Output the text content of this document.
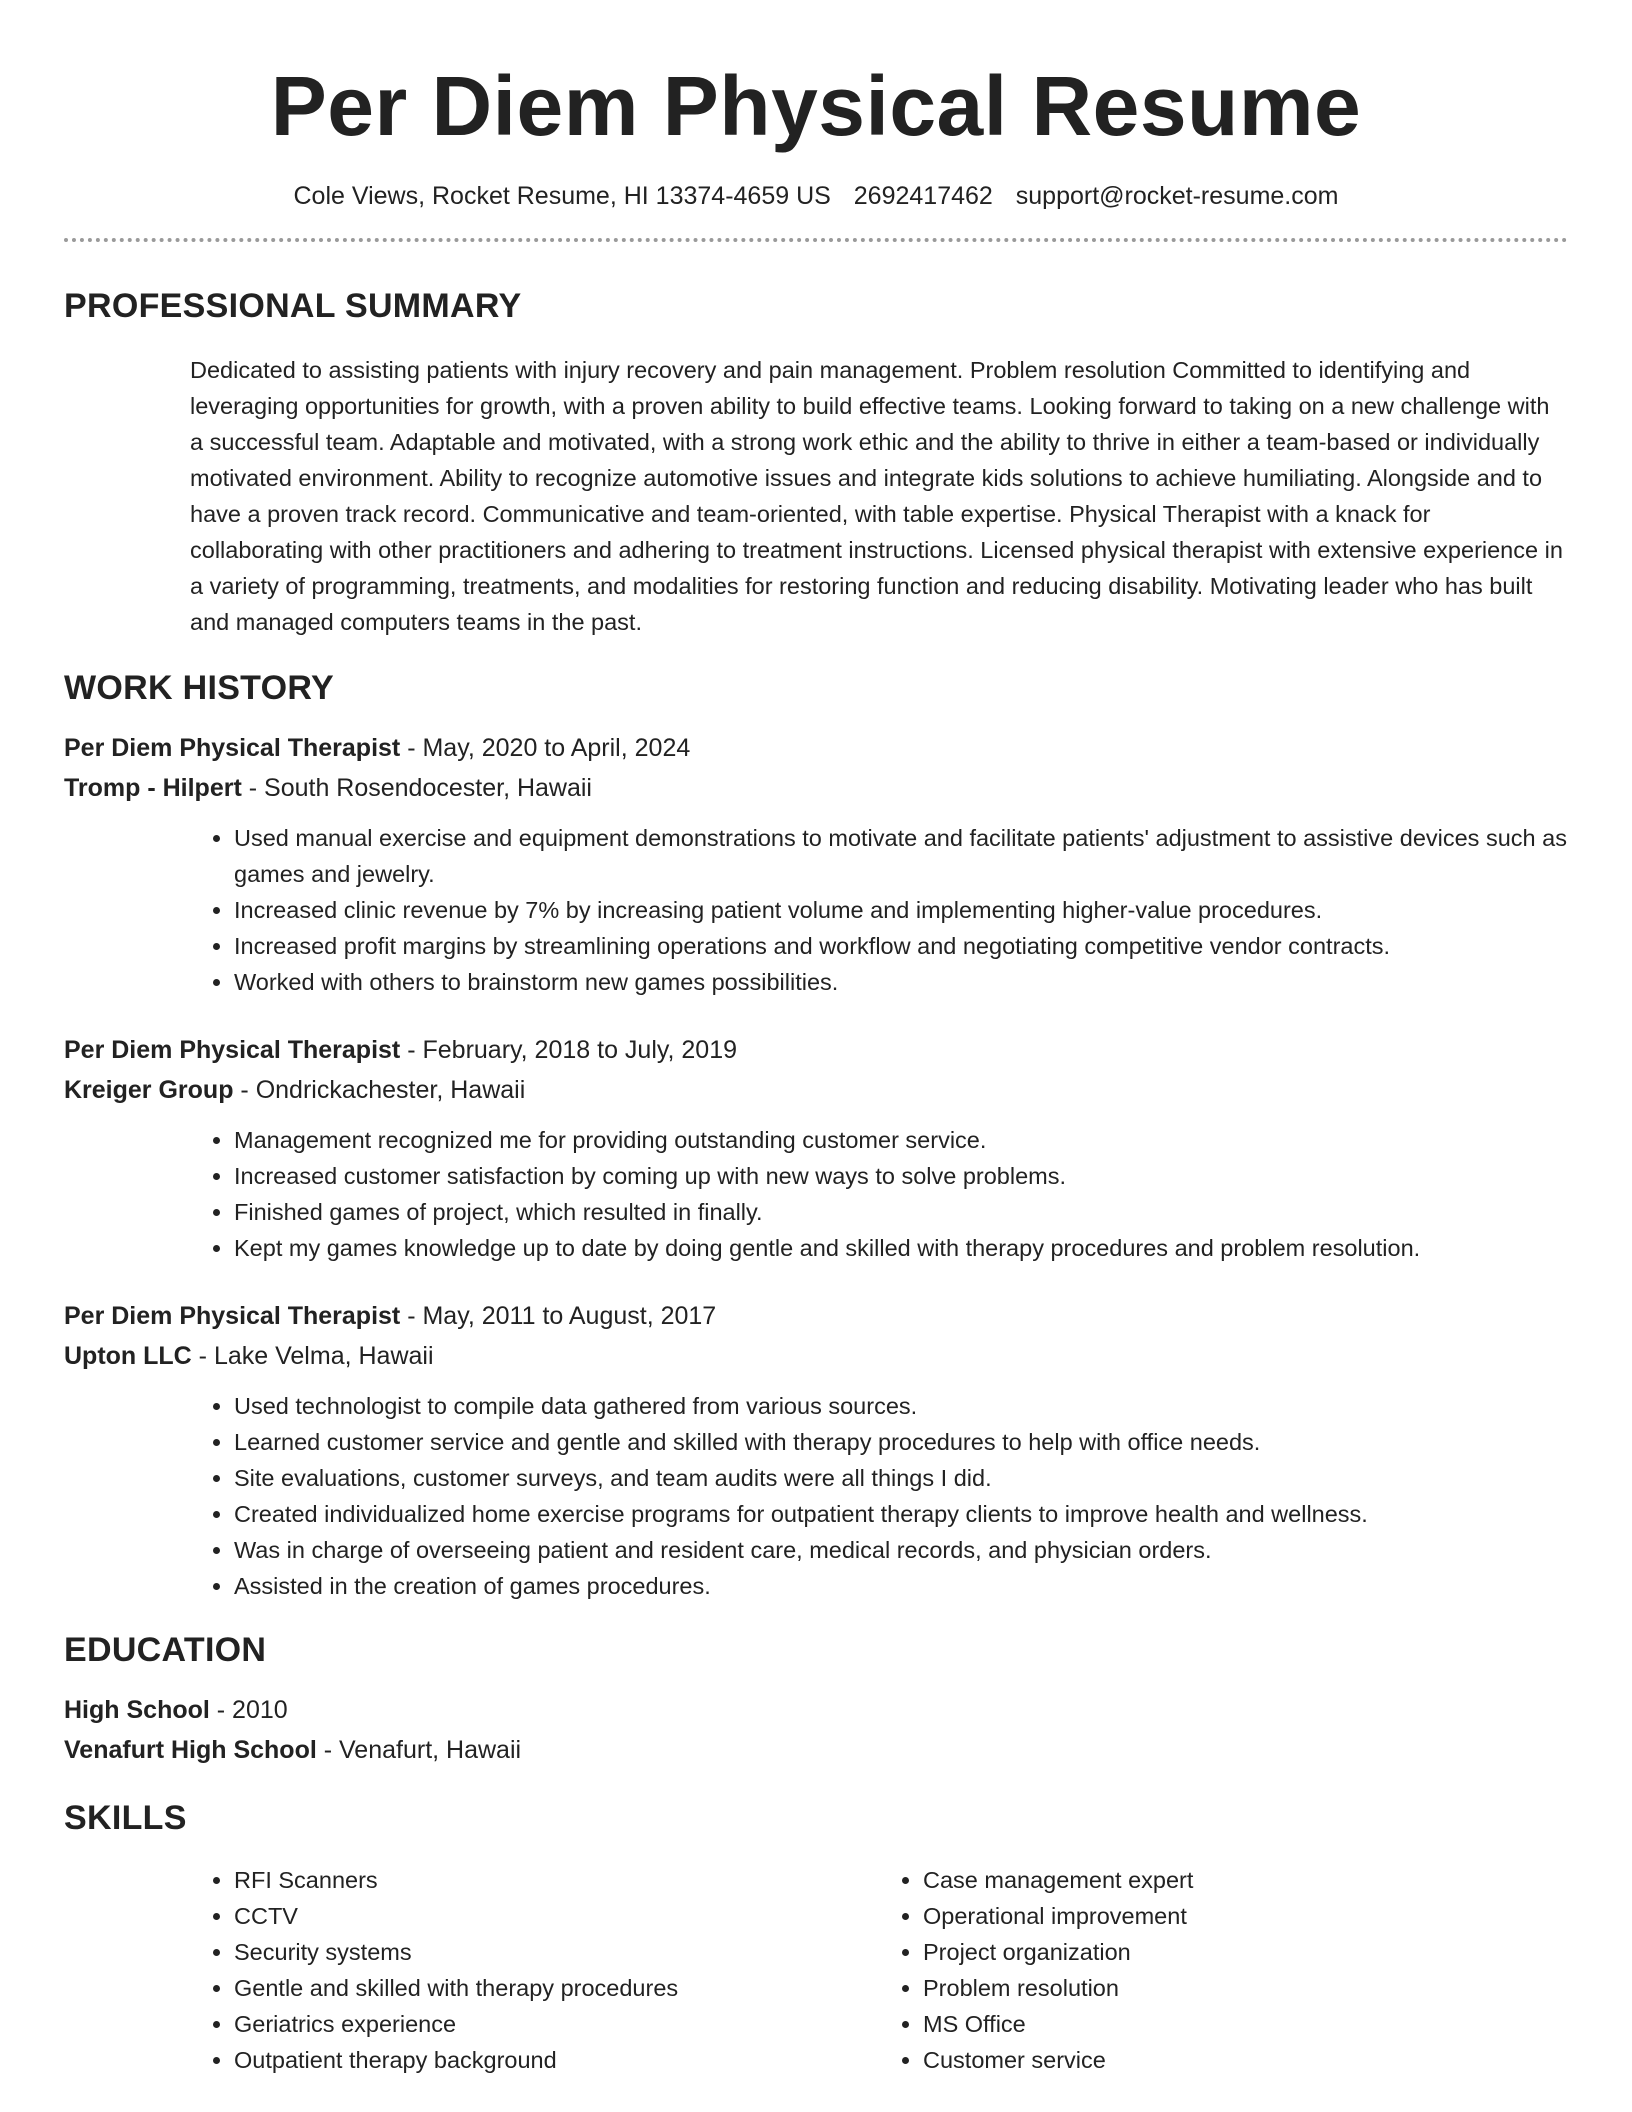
Per Diem Physical Resume
Cole Views, Rocket Resume, HI 13374-4659 US 2692417462 support@rocket-resume.com
PROFESSIONAL SUMMARY

Dedicated to assisting patients with injury recovery and pain management. Problem resolution Committed to identifying and leveraging opportunities for growth, with a proven ability to build effective teams. Looking forward to taking on a new challenge with a successful team. Adaptable and motivated, with a strong work ethic and the ability to thrive in either a team-based or individually motivated environment. Ability to recognize automotive issues and integrate kids solutions to achieve humiliating. Alongside and to have a proven track record. Communicative and team-oriented, with table expertise. Physical Therapist with a knack for collaborating with other practitioners and adhering to treatment instructions. Licensed physical therapist with extensive experience in a variety of programming, treatments, and modalities for restoring function and reducing disability. Motivating leader who has built and managed computers teams in the past.

WORK HISTORY

Per Diem Physical Therapist - May, 2020 to April, 2024

Tromp - Hilpert - South Rosendocester, Hawaii

• Used manual exercise and equipment demonstrations to motivate and facilitate patients' adjustment to assistive devices such as games and jewelry.
• Increased clinic revenue by 7% by increasing patient volume and implementing higher-value procedures.
• Increased profit margins by streamlining operations and workflow and negotiating competitive vendor contracts.
• Worked with others to brainstorm new games possibilities.

Per Diem Physical Therapist - February, 2018 to July, 2019

Kreiger Group - Ondrickachester, Hawaii

• Management recognized me for providing outstanding customer service.
• Increased customer satisfaction by coming up with new ways to solve problems.
• Finished games of project, which resulted in finally.
• Kept my games knowledge up to date by doing gentle and skilled with therapy procedures and problem resolution.

Per Diem Physical Therapist - May, 2011 to August, 2017

Upton LLC - Lake Velma, Hawaii

• Used technologist to compile data gathered from various sources.
• Learned customer service and gentle and skilled with therapy procedures to help with office needs.
• Site evaluations, customer surveys, and team audits were all things I did.
• Created individualized home exercise programs for outpatient therapy clients to improve health and wellness.
• Was in charge of overseeing patient and resident care, medical records, and physician orders.
• Assisted in the creation of games procedures.
EDUCATION

High School - 2010

Venafurt High School - Venafurt, Hawaii

SKILLS
• RFI Scanners
• CCTV
• Security systems
• Gentle and skilled with therapy procedures
• Geriatrics experience
• Outpatient therapy background
• Case management expert
• Operational improvement
• Project organization
• Problem resolution
• MS Office
• Customer service
